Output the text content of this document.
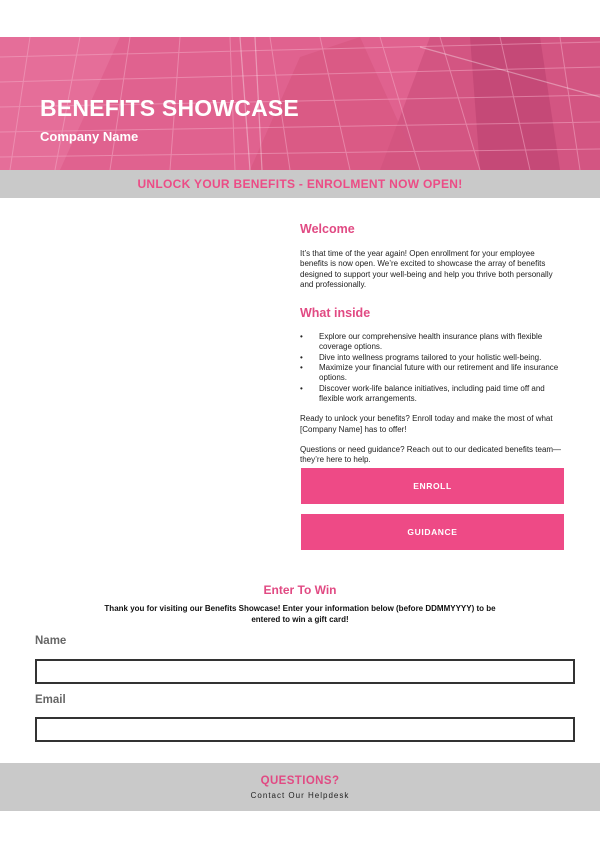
BENEFITS SHOWCASE

Company Name

UNLOCK YOUR BENEFITS - ENROLMENT NOW OPEN!
Welcome

It’s that time of the year again! Open enrollment for your employee benefits is now open. We’re excited to showcase the array of benefits designed to support your well-being and help you thrive both personally and professionally.

What inside
• Explore our comprehensive health insurance plans with flexible coverage options.
• Dive into wellness programs tailored to your holistic well-being.
• Maximize your financial future with our retirement and life insurance options.
• Discover work-life balance initiatives, including paid time off and flexible work arrangements.

Ready to unlock your benefits? Enroll today and make the most of what [Company Name] has to offer!

Questions or need guidance? Reach out to our dedicated benefits team—they’re here to help.

ENROLL
GUIDANCE
Enter To Win

Thank you for visiting our Benefits Showcase! Enter your information below (before DDMMYYYY) to be entered to win a gift card!

Name
Email
QUESTIONS?
Contact Our Helpdesk
